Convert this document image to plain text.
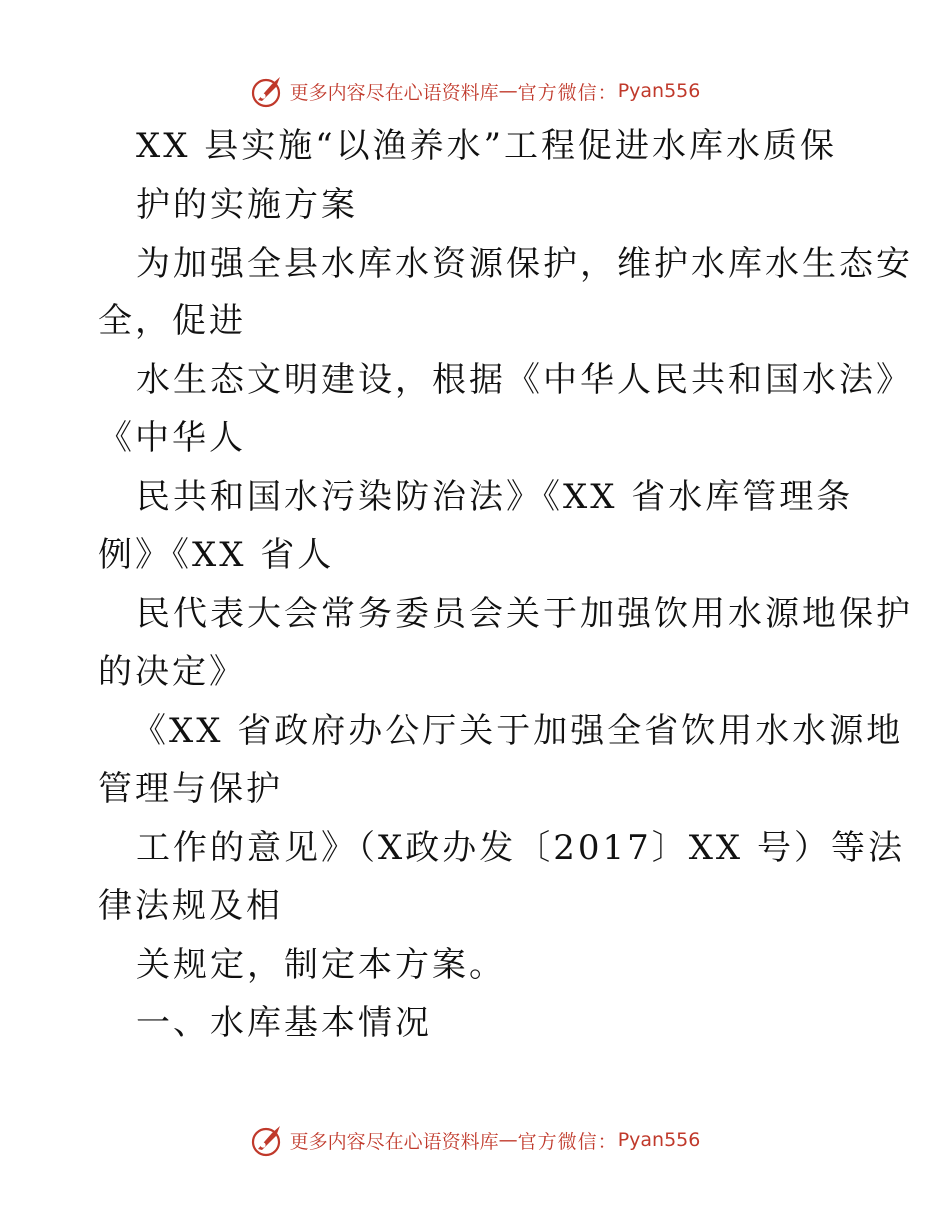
更多内容尽在心语资料库 — 官方微信： Pyan556
XX 县实施“以渔养水”工程促进水库水质保
护的实施方案
为加强全县水库水资源保护，维护水库水生态安
全，促进
水生态文明建设，根据《中华人民共和国水法》
《中华人
民共和国水污染防治法》《XX 省水库管理条
例》《XX 省人
民代表大会常务委员会关于加强饮用水源地保护
的决定》
《XX 省政府办公厅关于加强全省饮用水水源地
管理与保护
工作的意见》（X政办发〔2017〕XX 号）等法
律法规及相
关规定，制定本方案。
一、水库基本情况
更多内容尽在心语资料库 — 官方微信： Pyan556
